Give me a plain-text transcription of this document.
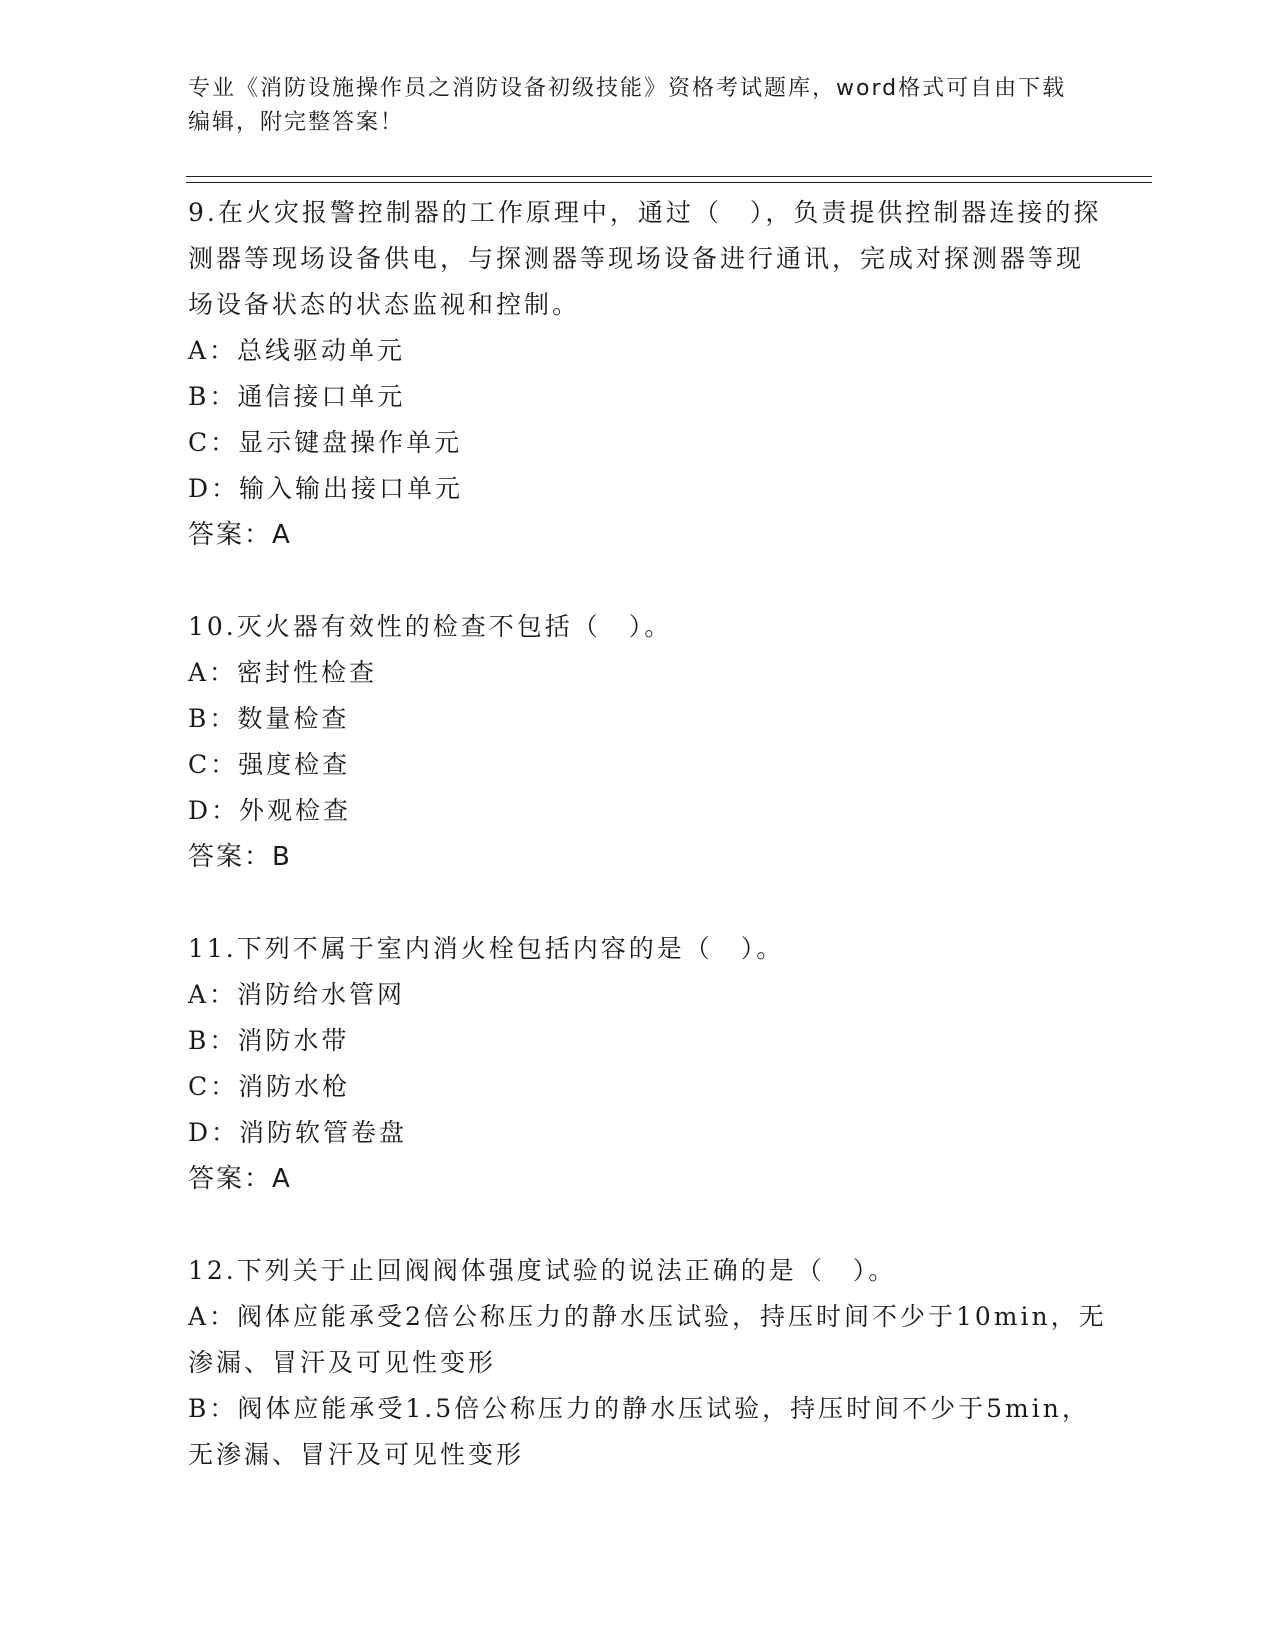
专业《消防设施操作员之消防设备初级技能》资格考试题库，word格式可自由下载编辑，附完整答案！

9.在火灾报警控制器的工作原理中，通过（　），负责提供控制器连接的探测器等现场设备供电，与探测器等现场设备进行通讯，完成对探测器等现场设备状态的状态监视和控制。

A：总线驱动单元

B：通信接口单元

C：显示键盘操作单元

D：输入输出接口单元

答案：A

10.灭火器有效性的检查不包括（　）。

A：密封性检查

B：数量检查

C：强度检查

D：外观检查

答案：B

11.下列不属于室内消火栓包括内容的是（　）。

A：消防给水管网

B：消防水带

C：消防水枪

D：消防软管卷盘

答案：A

12.下列关于止回阀阀体强度试验的说法正确的是（　）。

A：阀体应能承受2倍公称压力的静水压试验，持压时间不少于10min，无渗漏、冒汗及可见性变形

B：阀体应能承受1.5倍公称压力的静水压试验，持压时间不少于5min，无渗漏、冒汗及可见性变形
